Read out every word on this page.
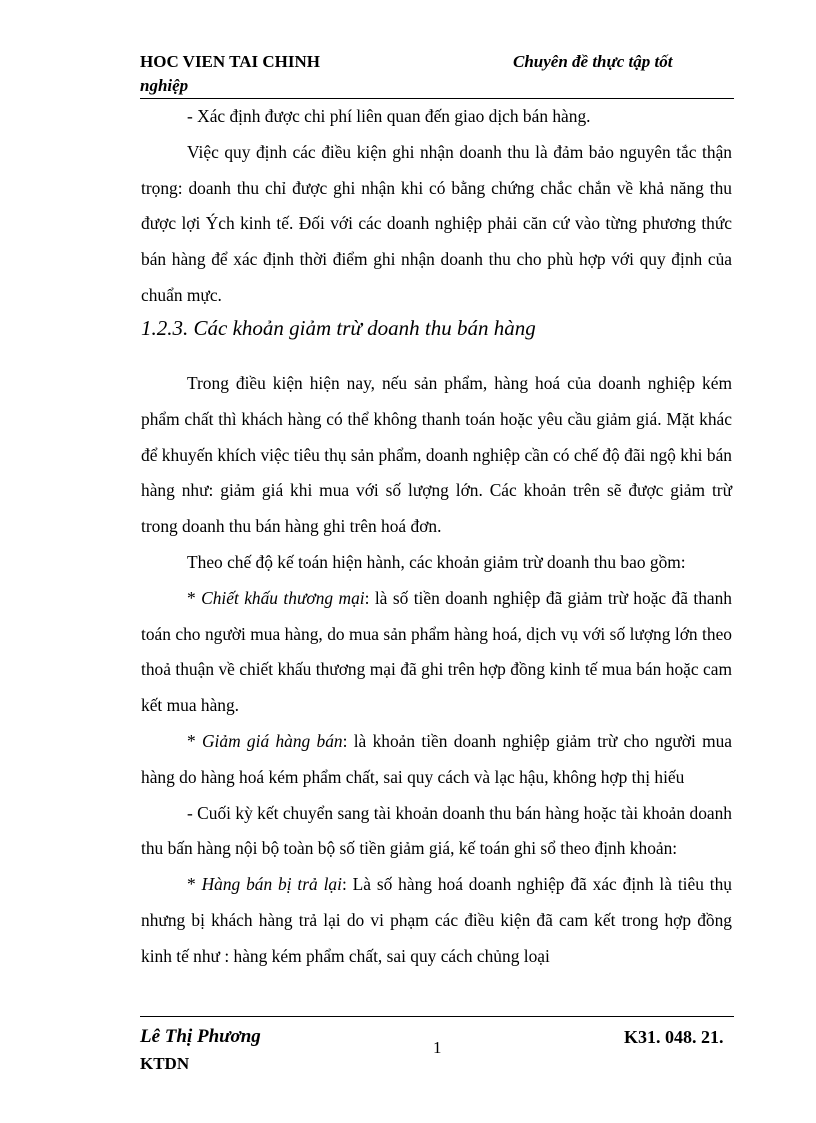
HOC VIEN TAI CHINH	Chuyên đề thực tập tốt
nghiệp

- Xác định được chi phí liên quan đến giao dịch bán hàng.

Việc quy định các điều kiện ghi nhận doanh thu là đảm bảo nguyên tắc thận trọng: doanh thu chỉ được ghi nhận khi có bằng chứng chắc chắn về khả năng thu được lợi Ých kinh tế. Đối với các doanh nghiệp phải căn cứ vào từng phương thức bán hàng để xác định thời điểm ghi nhận doanh thu cho phù hợp với quy định của chuẩn mực.

1.2.3. Các khoản giảm trừ doanh thu bán hàng

Trong điều kiện hiện nay, nếu sản phẩm, hàng hoá của doanh nghiệp kém phẩm chất thì khách hàng có thể không thanh toán hoặc yêu cầu giảm giá. Mặt khác để khuyến khích việc tiêu thụ sản phẩm, doanh nghiệp cần có chế độ đãi ngộ khi bán hàng như: giảm giá khi mua với số lượng lớn. Các khoản trên sẽ được giảm trừ trong doanh thu bán hàng ghi trên hoá đơn.

Theo chế độ kế toán hiện hành, các khoản giảm trừ doanh thu bao gồm:

* Chiết khấu thương mại: là số tiền doanh nghiệp đã giảm trừ hoặc đã thanh toán cho người mua hàng, do mua sản phẩm hàng hoá, dịch vụ với số lượng lớn theo thoả thuận về chiết khấu thương mại đã ghi trên hợp đồng kinh tế mua bán hoặc cam kết mua hàng.

* Giảm giá hàng bán: là khoản tiền doanh nghiệp giảm trừ cho người mua hàng do hàng hoá kém phẩm chất, sai quy cách và lạc hậu, không hợp thị hiếu

- Cuối kỳ kết chuyển sang tài khoản doanh thu bán hàng hoặc tài khoản doanh thu bấn hàng nội bộ toàn bộ số tiền giảm giá, kế toán ghi sổ theo định khoản:

* Hàng bán bị trả lại: Là số hàng hoá doanh nghiệp đã xác định là tiêu thụ nhưng bị khách hàng trả lại do vi phạm các điều kiện đã cam kết trong hợp đồng kinh tế như : hàng kém phẩm chất, sai quy cách chủng loại

Lê Thị Phương
KTDN
1
K31. 048. 21.
